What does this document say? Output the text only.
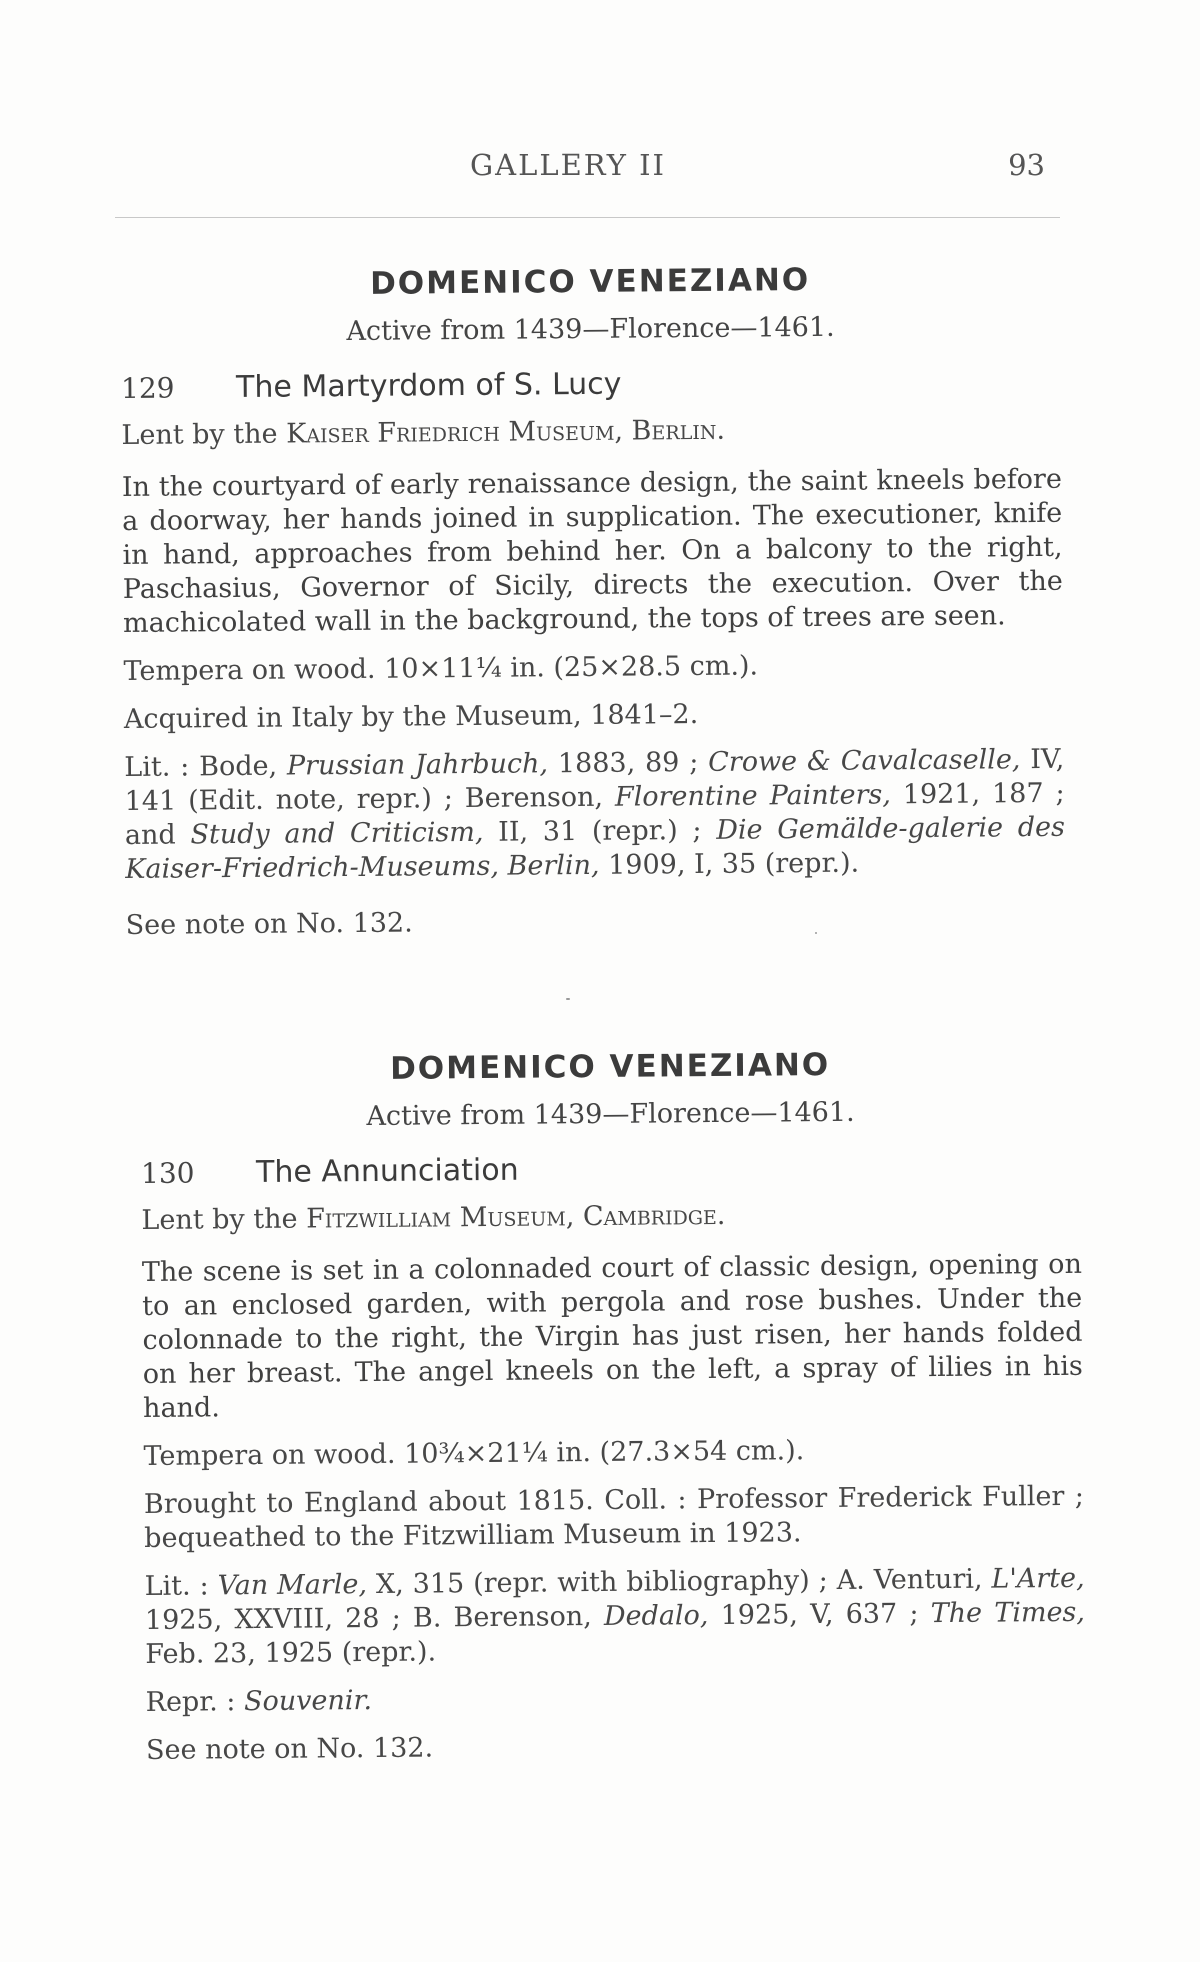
GALLERY II	93
DOMENICO VENEZIANO
Active from 1439—Florence—1461.
129	The Martyrdom of S. Lucy
Lent by the Kaiser Friedrich Museum, Berlin.

In the courtyard of early renaissance design, the saint kneels before a doorway, her hands joined in supplication. The executioner, knife in hand, approaches from behind her. On a balcony to the right, Paschasius, Governor of Sicily, directs the execution. Over the machicolated wall in the background, the tops of trees are seen.

Tempera on wood. 10×11¼ in. (25×28.5 cm.).

Acquired in Italy by the Museum, 1841–2.

Lit. : Bode, Prussian Jahrbuch, 1883, 89 ; Crowe & Cavalcaselle, IV, 141 (Edit. note, repr.) ; Berenson, Florentine Painters, 1921, 187 ; and Study and Criticism, II, 31 (repr.) ; Die Gemälde-galerie des Kaiser-Friedrich-Museums, Berlin, 1909, I, 35 (repr.).

See note on No. 132.

DOMENICO VENEZIANO
Active from 1439—Florence—1461.
130	The Annunciation
Lent by the Fitzwilliam Museum, Cambridge.

The scene is set in a colonnaded court of classic design, opening on to an enclosed garden, with pergola and rose bushes. Under the colonnade to the right, the Virgin has just risen, her hands folded on her breast. The angel kneels on the left, a spray of lilies in his hand.

Tempera on wood. 10¾×21¼ in. (27.3×54 cm.).

Brought to England about 1815. Coll. : Professor Frederick Fuller ; bequeathed to the Fitzwilliam Museum in 1923.

Lit. : Van Marle, X, 315 (repr. with bibliography) ; A. Venturi, L'Arte, 1925, XXVIII, 28 ; B. Berenson, Dedalo, 1925, V, 637 ; The Times, Feb. 23, 1925 (repr.).

Repr. : Souvenir.

See note on No. 132.
